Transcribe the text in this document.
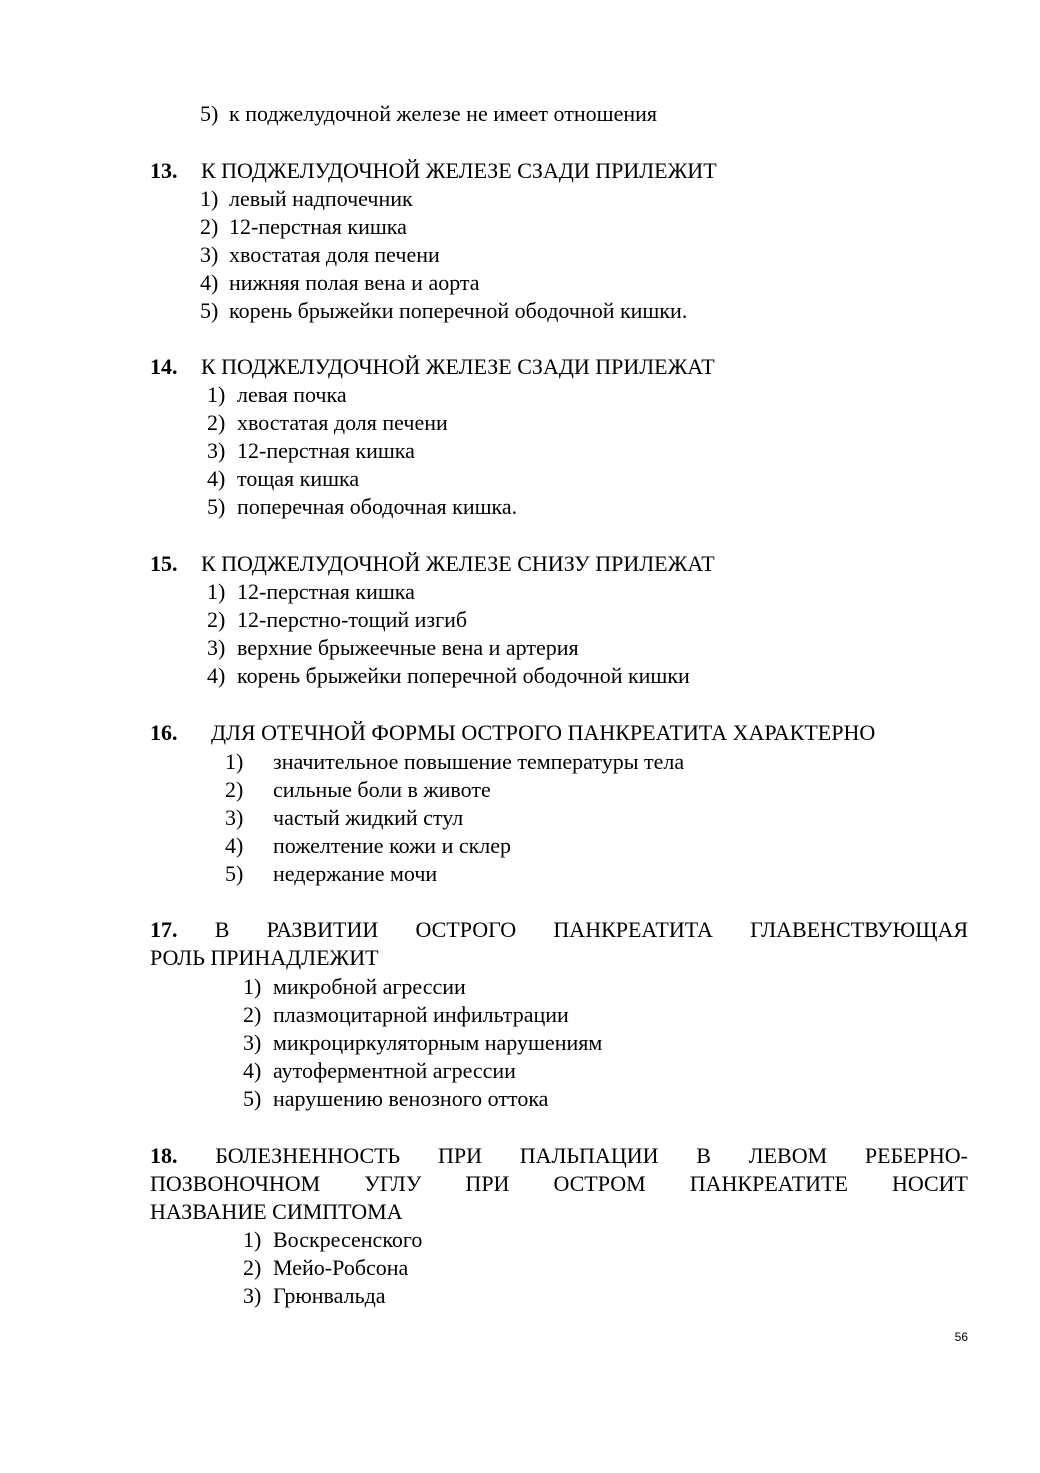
5) к поджелудочной железе не имеет отношения
13. К ПОДЖЕЛУДОЧНОЙ ЖЕЛЕЗЕ СЗАДИ ПРИЛЕЖИТ
1) левый надпочечник
2) 12-перстная кишка
3) хвостатая доля печени
4) нижняя полая вена и аорта
5) корень брыжейки поперечной ободочной кишки.
14. К ПОДЖЕЛУДОЧНОЙ ЖЕЛЕЗЕ СЗАДИ ПРИЛЕЖАТ
1) левая почка
2) хвостатая доля печени
3) 12-перстная кишка
4) тощая кишка
5) поперечная ободочная кишка.
15. К ПОДЖЕЛУДОЧНОЙ ЖЕЛЕЗЕ СНИЗУ ПРИЛЕЖАТ
1) 12-перстная кишка
2) 12-перстно-тощий изгиб
3) верхние брыжеечные вена и артерия
4) корень брыжейки поперечной ободочной кишки
16. ДЛЯ ОТЕЧНОЙ ФОРМЫ ОСТРОГО ПАНКРЕАТИТА ХАРАКТЕРНО
1) значительное повышение температуры тела
2) сильные боли в животе
3) частый жидкий стул
4) пожелтение кожи и склер
5) недержание мочи
17. В РАЗВИТИИ ОСТРОГО ПАНКРЕАТИТА ГЛАВЕНСТВУЮЩАЯ
РОЛЬ ПРИНАДЛЕЖИТ
1) микробной агрессии
2) плазмоцитарной инфильтрации
3) микроциркуляторным нарушениям
4) аутоферментной агрессии
5) нарушению венозного оттока
18. БОЛЕЗНЕННОСТЬ ПРИ ПАЛЬПАЦИИ В ЛЕВОМ РЕБЕРНО-
ПОЗВОНОЧНОМ УГЛУ ПРИ ОСТРОМ ПАНКРЕАТИТЕ НОСИТ
НАЗВАНИЕ СИМПТОМА
1) Воскресенского
2) Мейо-Робсона
3) Грюнвальда
56
